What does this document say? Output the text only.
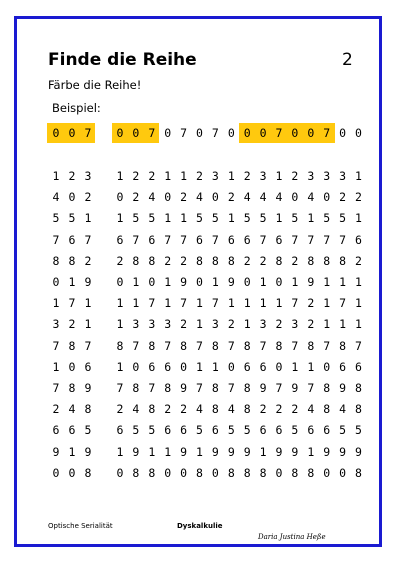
Finde die Reihe	2
Färbe die Reihe!
Beispiel:
0 0 7 0 0 7 0 7 0 7 0 0 0 7 0 0 7 0 0
1 2 3 1 2 2 1 1 2 3 1 2 3 1 2 3 3 3 1
4 0 2 0 2 4 0 2 4 0 2 4 4 4 0 4 0 2 2
5 5 1 1 5 5 1 1 5 5 1 5 5 1 5 1 5 5 1
7 6 7 6 7 6 7 7 6 7 6 6 7 6 7 7 7 7 6
8 8 2 2 8 8 2 2 8 8 8 2 2 8 2 8 8 8 2
0 1 9 0 1 0 1 9 0 1 9 0 1 0 1 9 1 1 1
1 7 1 1 1 7 1 7 1 7 1 1 1 1 7 2 1 7 1
3 2 1 1 3 3 3 2 1 3 2 1 3 2 3 2 1 1 1
7 8 7 8 7 8 7 8 7 8 7 8 7 8 7 8 7 8 7
1 0 6 1 0 6 6 0 1 1 0 6 6 0 1 1 0 6 6
7 8 9 7 8 7 8 9 7 8 7 8 9 7 9 7 8 9 8
2 4 8 2 4 8 2 2 4 8 4 8 2 2 2 4 8 4 8
6 6 5 6 5 5 6 6 5 6 5 5 6 6 5 6 6 5 5
9 1 9 1 9 1 1 9 1 9 9 9 1 9 9 1 9 9 9
0 0 8 0 8 8 0 0 8 0 8 8 8 0 8 8 0 0 8
Optische Serialität	Dyskalkulie
Daria Justina Heße
